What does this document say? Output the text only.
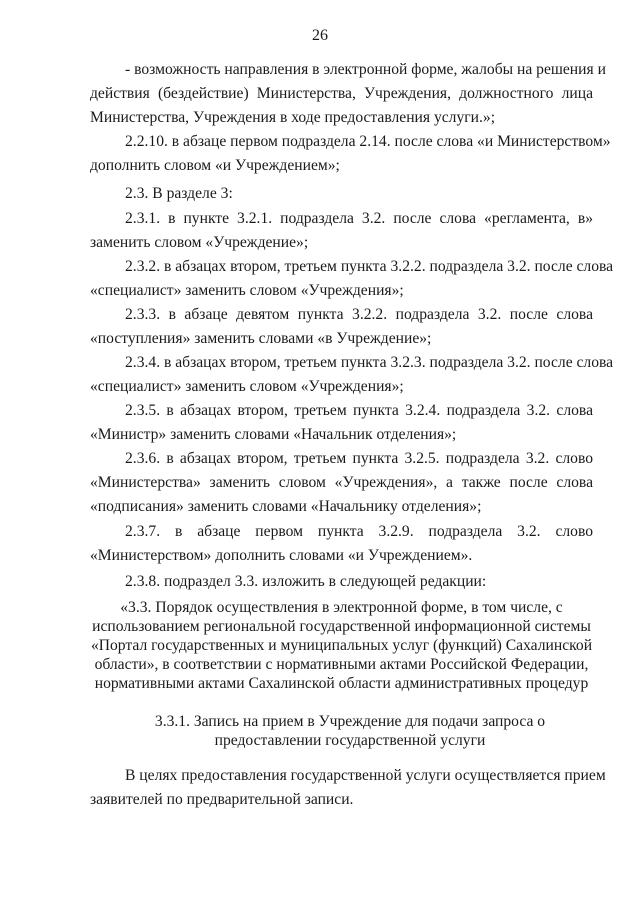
26
- возможность направления в электронной форме, жалобы на решения и
действия (бездействие) Министерства, Учреждения, должностного лица
Министерства, Учреждения в ходе предоставления услуги.»;
2.2.10. в абзаце первом подраздела 2.14. после слова «и Министерством»
дополнить словом «и Учреждением»;
2.3. В разделе 3:
2.3.1. в пункте 3.2.1. подраздела 3.2. после слова «регламента, в»
заменить словом «Учреждение»;
2.3.2. в абзацах втором, третьем пункта 3.2.2. подраздела 3.2. после слова
«специалист» заменить словом «Учреждения»;
2.3.3. в абзаце девятом пункта 3.2.2. подраздела 3.2. после слова
«поступления» заменить словами «в Учреждение»;
2.3.4. в абзацах втором, третьем пункта 3.2.3. подраздела 3.2. после слова
«специалист» заменить словом «Учреждения»;
2.3.5. в абзацах втором, третьем пункта 3.2.4. подраздела 3.2. слова
«Министр» заменить словами «Начальник отделения»;
2.3.6. в абзацах втором, третьем пункта 3.2.5. подраздела 3.2. слово
«Министерства» заменить словом «Учреждения», а также после слова
«подписания» заменить словами «Начальнику отделения»;
2.3.7. в абзаце первом пункта 3.2.9. подраздела 3.2. слово
«Министерством» дополнить словами «и Учреждением».
2.3.8. подраздел 3.3. изложить в следующей редакции:
«3.3. Порядок осуществления в электронной форме, в том числе, с
использованием региональной государственной информационной системы
«Портал государственных и муниципальных услуг (функций) Сахалинской
области», в соответствии с нормативными актами Российской Федерации,
нормативными актами Сахалинской области административных процедур
3.3.1. Запись на прием в Учреждение для подачи запроса о
предоставлении государственной услуги
В целях предоставления государственной услуги осуществляется прием
заявителей по предварительной записи.
